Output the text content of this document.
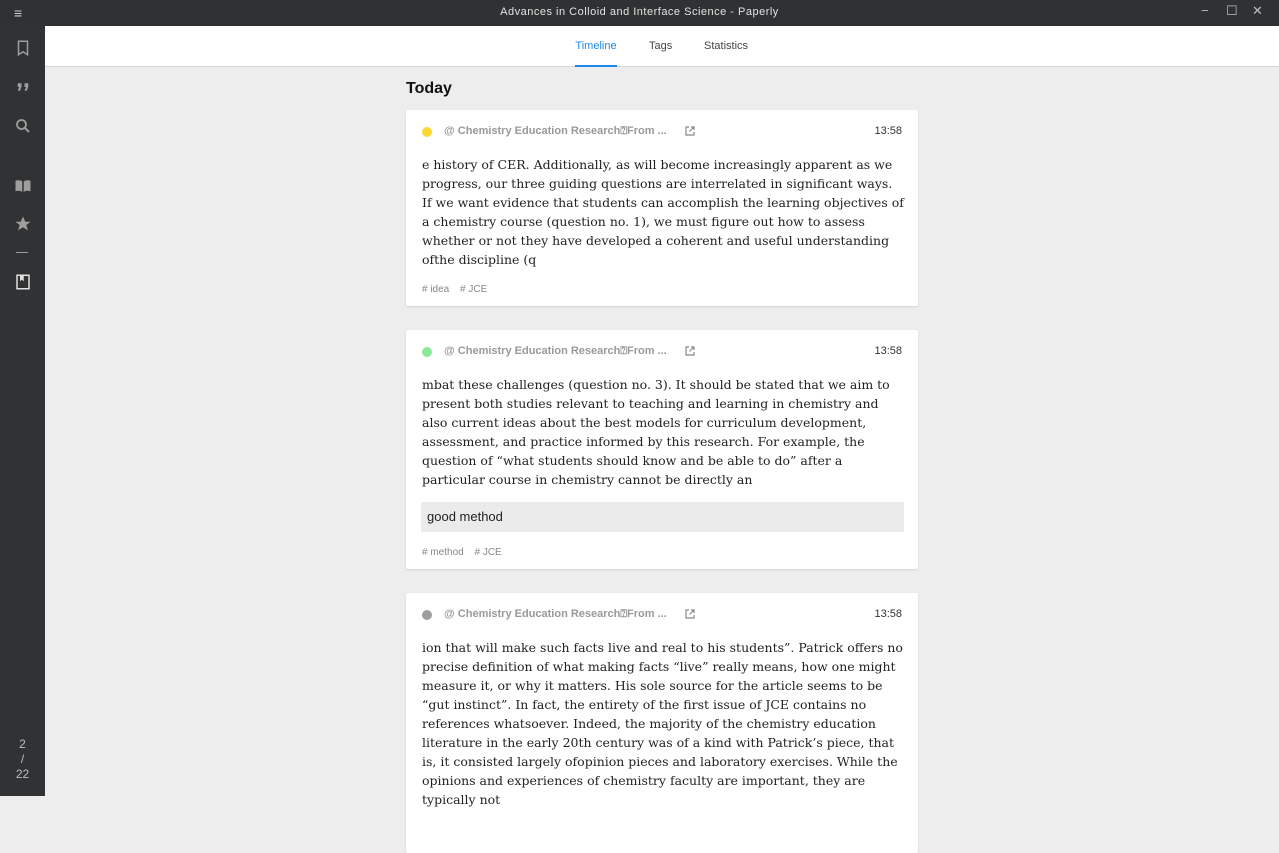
≡	Advances in Colloid and Interface Science - Paperly	− ☐ ✕
2
/
22
Timeline	Tags	Statistics
Today
@ Chemistry Education Research⍰From ...	13:58
e history of CER. Additionally, as will become increasingly apparent as we progress, our three guiding questions are interrelated in significant ways. If we want evidence that students can accomplish the learning objectives of a chemistry course (question no. 1), we must figure out how to assess whether or not they have developed a coherent and useful understanding ofthe discipline (q
# idea # JCE
@ Chemistry Education Research⍰From ...	13:58
mbat these challenges (question no. 3). It should be stated that we aim to present both studies relevant to teaching and learning in chemistry and also current ideas about the best models for curriculum development, assessment, and practice informed by this research. For example, the question of “what students should know and be able to do” after a particular course in chemistry cannot be directly an
good method
# method # JCE
@ Chemistry Education Research⍰From ...	13:58
ion that will make such facts live and real to his students”. Patrick offers no precise definition of what making facts “live” really means, how one might measure it, or why it matters. His sole source for the article seems to be “gut instinct”. In fact, the entirety of the first issue of JCE contains no references whatsoever. Indeed, the majority of the chemistry education literature in the early 20th century was of a kind with Patrick’s piece, that is, it consisted largely ofopinion pieces and laboratory exercises. While the opinions and experiences of chemistry faculty are important, they are typically not
